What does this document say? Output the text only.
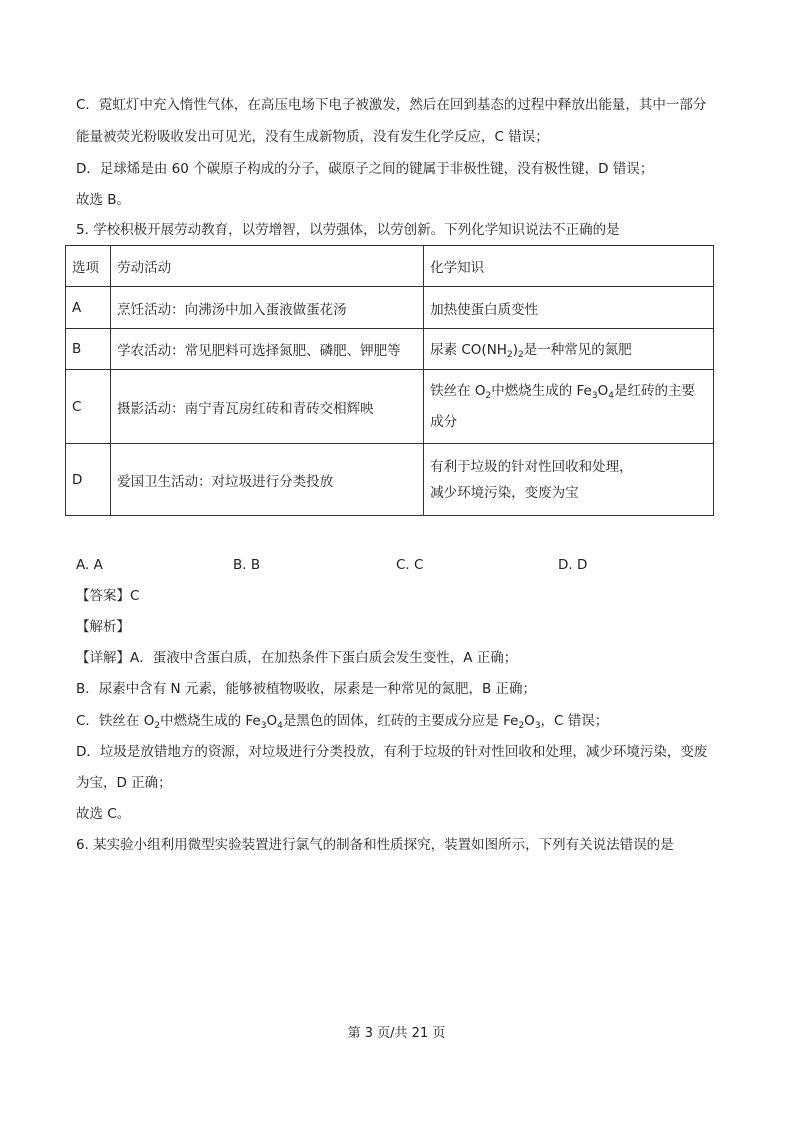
C．霓虹灯中充入惰性气体，在高压电场下电子被激发，然后在回到基态的过程中释放出能量，其中一部分
能量被荧光粉吸收发出可见光，没有生成新物质，没有发生化学反应，C 错误；
D．足球烯是由 60 个碳原子构成的分子，碳原子之间的键属于非极性键，没有极性键，D 错误；
故选 B。
5. 学校积极开展劳动教育，以劳增智，以劳强体，以劳创新。下列化学知识说法不正确的是
选项	劳动活动	化学知识
A	烹饪活动：向沸汤中加入蛋液做蛋花汤	加热使蛋白质变性
B	学农活动：常见肥料可选择氮肥、磷肥、钾肥等	尿素 $CO(NH_2)_2$是一种常见的氮肥
C	摄影活动：南宁青瓦房红砖和青砖交相辉映	铁丝在 $O_2$中燃烧生成的 $Fe_3O_4$是红砖的主要
成分

D	爱国卫生活动：对垃圾进行分类投放	有利于垃圾的针对性回收和处理，
减少环境污染，变废为宝
A. A	B. B	C. C	D. D
【答案】C
【解析】
【详解】A．蛋液中含蛋白质，在加热条件下蛋白质会发生变性，A 正确；
B．尿素中含有 N 元素，能够被植物吸收，尿素是一种常见的氮肥，B 正确；
C．铁丝在 $O_2$中燃烧生成的 $Fe_3O_4$是黑色的固体，红砖的主要成分应是 $Fe_2O_3$，C 错误；
D．垃圾是放错地方的资源，对垃圾进行分类投放，有利于垃圾的针对性回收和处理，减少环境污染，变废
为宝，D 正确；
故选 C。
6. 某实验小组利用微型实验装置进行氯气的制备和性质探究，装置如图所示，下列有关说法错误的是
第 3 页/共 21 页
